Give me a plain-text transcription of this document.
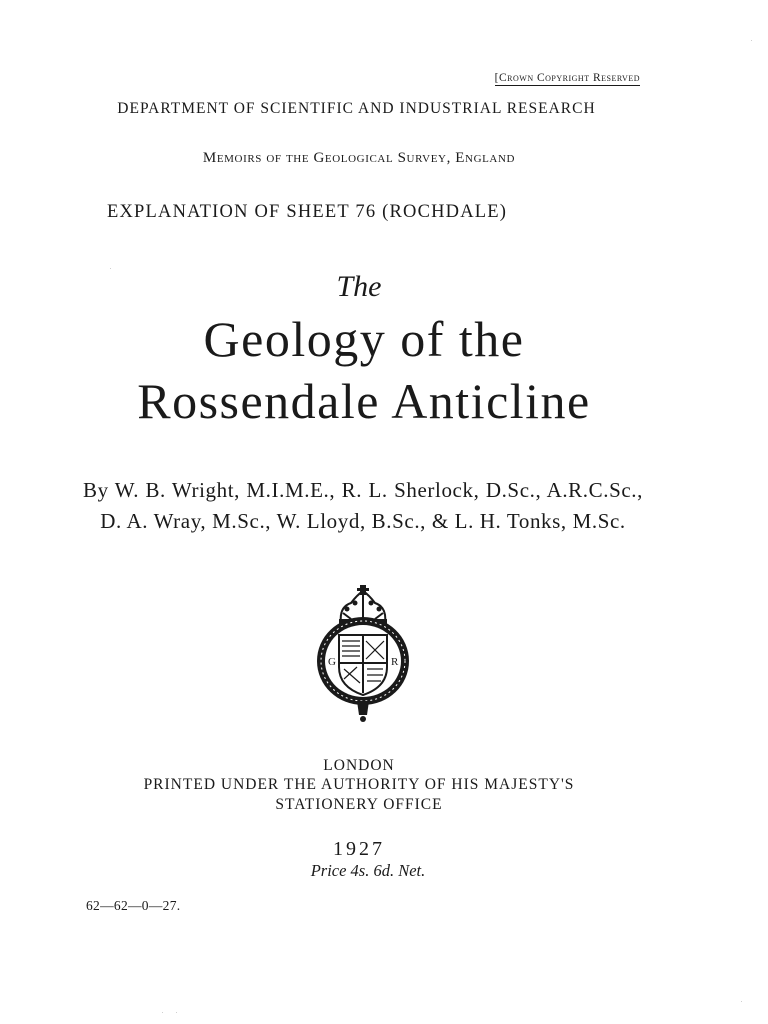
[Crown Copyright Reserved
DEPARTMENT OF SCIENTIFIC AND INDUSTRIAL RESEARCH
Memoirs of the Geological Survey, England
EXPLANATION OF SHEET 76 (ROCHDALE)
The
Geology of the
Rossendale Anticline
By W. B. Wright, M.I.M.E., R. L. Sherlock, D.Sc., A.R.C.Sc., D. A. Wray, M.Sc., W. Lloyd, B.Sc., & L. H. Tonks, M.Sc.
G	R
LONDON
PRINTED UNDER THE AUTHORITY OF HIS MAJESTY'S
STATIONERY OFFICE
1927
Price 4s. 6d. Net.
62—62—0—27.
